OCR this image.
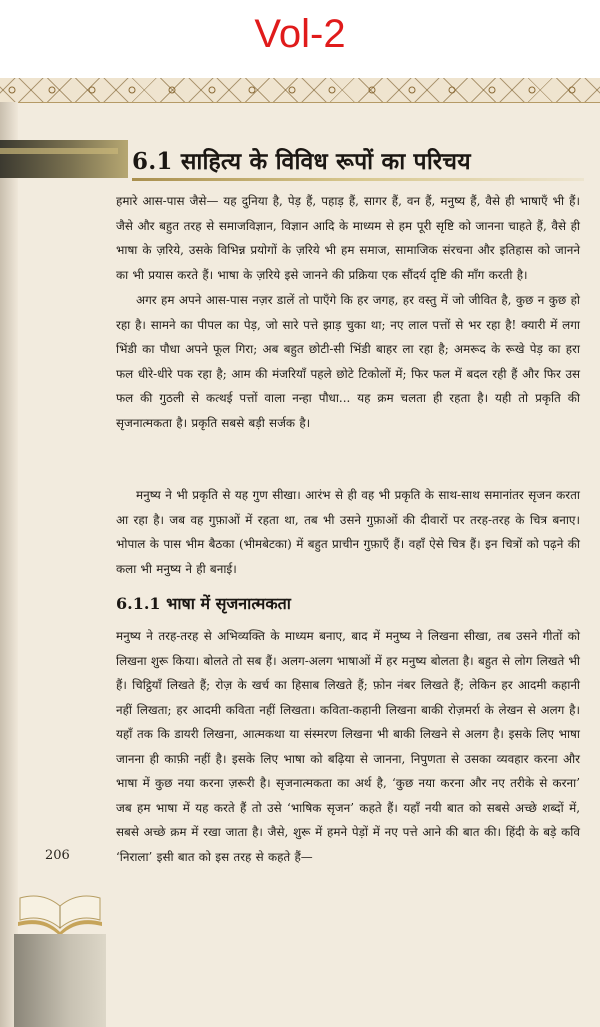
Vol-2
6.1 साहित्य के विविध रूपों का परिचय

हमारे आस-पास जैसे— यह दुनिया है, पेड़ हैं, पहाड़ हैं, सागर हैं, वन हैं, मनुष्य हैं, वैसे ही भाषाएँ भी हैं। जैसे और बहुत तरह से समाजविज्ञान, विज्ञान आदि के माध्यम से हम पूरी सृष्टि को जानना चाहते हैं, वैसे ही भाषा के ज़रिये, उसके विभिन्न प्रयोगों के ज़रिये भी हम समाज, सामाजिक संरचना और इतिहास को जानने का भी प्रयास करते हैं। भाषा के ज़रिये इसे जानने की प्रक्रिया एक सौंदर्य दृष्टि की माँग करती है।

अगर हम अपने आस-पास नज़र डालें तो पाएँगे कि हर जगह, हर वस्तु में जो जीवित है, कुछ न कुछ हो रहा है। सामने का पीपल का पेड़, जो सारे पत्ते झाड़ चुका था; नए लाल पत्तों से भर रहा है! क्यारी में लगा भिंडी का पौधा अपने फूल गिरा; अब बहुत छोटी-सी भिंडी बाहर ला रहा है; अमरूद के रूखे पेड़ का हरा फल धीरे-धीरे पक रहा है; आम की मंजरियाँ पहले छोटे टिकोलों में; फिर फल में बदल रही हैं और फिर उस फल की गुठली से कत्थई पत्तों वाला नन्हा पौधा... यह क्रम चलता ही रहता है। यही तो प्रकृति की सृजनात्मकता है। प्रकृति सबसे बड़ी सर्जक है।

मनुष्य ने भी प्रकृति से यह गुण सीखा। आरंभ से ही वह भी प्रकृति के साथ-साथ समानांतर सृजन करता आ रहा है। जब वह गुफ़ाओं में रहता था, तब भी उसने गुफ़ाओं की दीवारों पर तरह-तरह के चित्र बनाए। भोपाल के पास भीम बैठका (भीमबेटका) में बहुत प्राचीन गुफ़ाएँ हैं। वहाँ ऐसे चित्र हैं। इन चित्रों को पढ़ने की कला भी मनुष्य ने ही बनाई।

6.1.1 भाषा में सृजनात्मकता

मनुष्य ने तरह-तरह से अभिव्यक्ति के माध्यम बनाए, बाद में मनुष्य ने लिखना सीखा, तब उसने गीतों को लिखना शुरू किया। बोलते तो सब हैं। अलग-अलग भाषाओं में हर मनुष्य बोलता है। बहुत से लोग लिखते भी हैं। चिट्ठियाँ लिखते हैं; रोज़ के खर्च का हिसाब लिखते हैं; फ़ोन नंबर लिखते हैं; लेकिन हर आदमी कहानी नहीं लिखता; हर आदमी कविता नहीं लिखता। कविता-कहानी लिखना बाकी रोज़मर्रा के लेखन से अलग है। यहाँ तक कि डायरी लिखना, आत्मकथा या संस्मरण लिखना भी बाकी लिखने से अलग है। इसके लिए भाषा जानना ही काफ़ी नहीं है। इसके लिए भाषा को बढ़िया से जानना, निपुणता से उसका व्यवहार करना और भाषा में कुछ नया करना ज़रूरी है। सृजनात्मकता का अर्थ है, ‘कुछ नया करना और नए तरीके से करना’ जब हम भाषा में यह करते हैं तो उसे ‘भाषिक सृजन’ कहते हैं। यहाँ नयी बात को सबसे अच्छे शब्दों में, सबसे अच्छे क्रम में रखा जाता है। जैसे, शुरू में हमने पेड़ों में नए पत्ते आने की बात की। हिंदी के बड़े कवि ‘निराला’ इसी बात को इस तरह से कहते हैं—

206
